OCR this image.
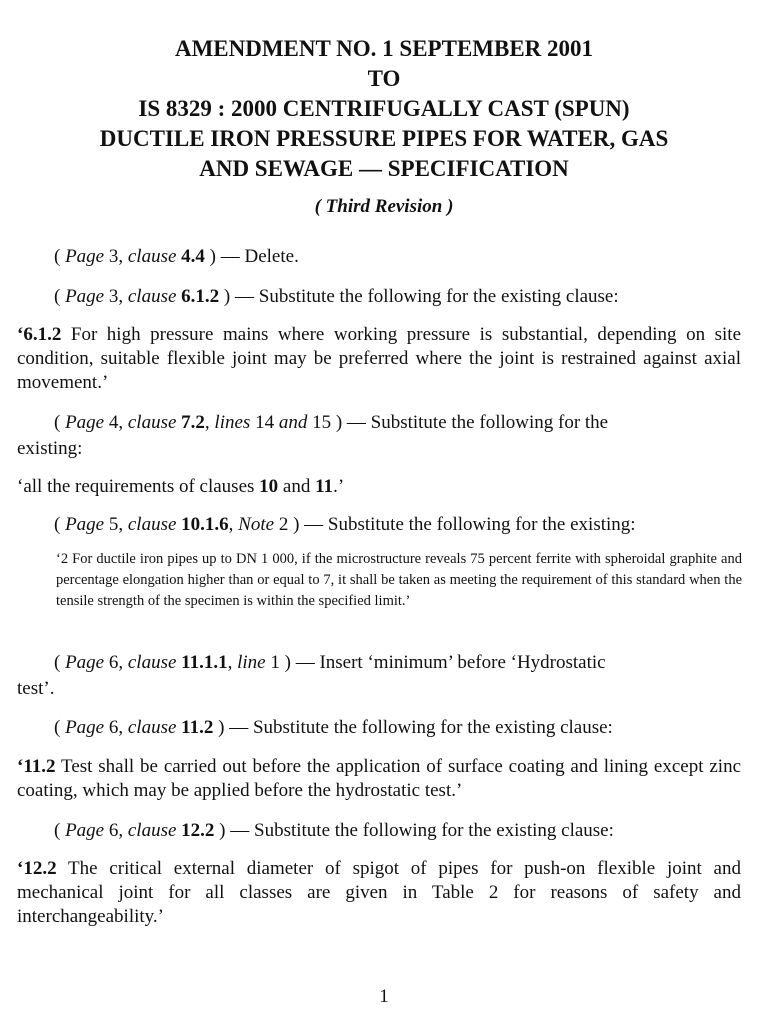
AMENDMENT NO. 1 SEPTEMBER 2001
TO
IS 8329 : 2000 CENTRIFUGALLY CAST (SPUN)
DUCTILE IRON PRESSURE PIPES FOR WATER, GAS
AND SEWAGE — SPECIFICATION
( Third Revision )
( Page 3, clause 4.4 ) — Delete.
( Page 3, clause 6.1.2 ) — Substitute the following for the existing clause:
‘6.1.2 For high pressure mains where working pressure is substantial, depending on site condition, suitable flexible joint may be preferred where the joint is restrained against axial movement.’
( Page 4, clause 7.2, lines 14 and 15 ) — Substitute the following for the
existing:
‘all the requirements of clauses 10 and 11.’
( Page 5, clause 10.1.6, Note 2 ) — Substitute the following for the existing:
‘2 For ductile iron pipes up to DN 1 000, if the microstructure reveals 75 percent ferrite with spheroidal graphite and percentage elongation higher than or equal to 7, it shall be taken as meeting the requirement of this standard when the tensile strength of the specimen is within the specified limit.’
( Page 6, clause 11.1.1, line 1 ) — Insert ‘minimum’ before ‘Hydrostatic
test’.
( Page 6, clause 11.2 ) — Substitute the following for the existing clause:
‘11.2 Test shall be carried out before the application of surface coating and lining except zinc coating, which may be applied before the hydrostatic test.’
( Page 6, clause 12.2 ) — Substitute the following for the existing clause:
‘12.2 The critical external diameter of spigot of pipes for push-on flexible joint and mechanical joint for all classes are given in Table 2 for reasons of safety and interchangeability.’
1
